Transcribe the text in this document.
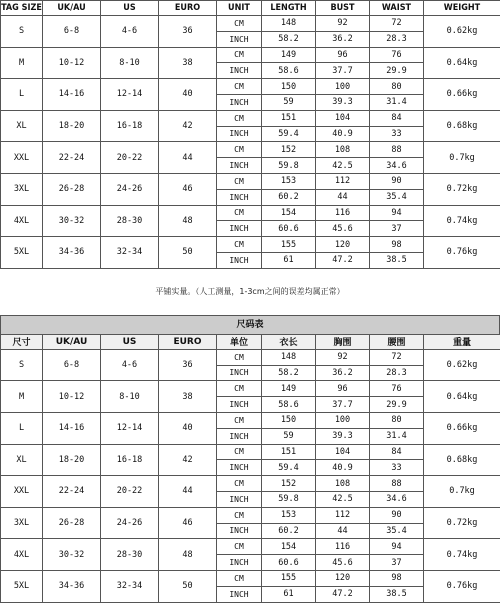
TAG SIZE	UK/AU	US	EURO	UNIT	LENGTH	BUST	WAIST	WEIGHT
S	6-8	4-6	36	CM	148	92	72	0.62kg
				INCH	58.2	36.2	28.3	
M	10-12	8-10	38	CM	149	96	76	0.64kg
				INCH	58.6	37.7	29.9	
L	14-16	12-14	40	CM	150	100	80	0.66kg
				INCH	59	39.3	31.4	
XL	18-20	16-18	42	CM	151	104	84	0.68kg
				INCH	59.4	40.9	33	
XXL	22-24	20-22	44	CM	152	108	88	0.7kg
				INCH	59.8	42.5	34.6	
3XL	26-28	24-26	46	CM	153	112	90	0.72kg
				INCH	60.2	44	35.4	
4XL	30-32	28-30	48	CM	154	116	94	0.74kg
				INCH	60.6	45.6	37	
5XL	34-36	32-34	50	CM	155	120	98	0.76kg
				INCH	61	47.2	38.5	
平铺实量。（人工测量，1-3cm之间的误差均属正常）
尺码表
尺寸	UK/AU	US	EURO	单位	衣长	胸围	腰围	重量
S	6-8	4-6	36	CM	148	92	72	0.62kg
				INCH	58.2	36.2	28.3	
M	10-12	8-10	38	CM	149	96	76	0.64kg
				INCH	58.6	37.7	29.9	
L	14-16	12-14	40	CM	150	100	80	0.66kg
				INCH	59	39.3	31.4	
XL	18-20	16-18	42	CM	151	104	84	0.68kg
				INCH	59.4	40.9	33	
XXL	22-24	20-22	44	CM	152	108	88	0.7kg
				INCH	59.8	42.5	34.6	
3XL	26-28	24-26	46	CM	153	112	90	0.72kg
				INCH	60.2	44	35.4	
4XL	30-32	28-30	48	CM	154	116	94	0.74kg
				INCH	60.6	45.6	37	
5XL	34-36	32-34	50	CM	155	120	98	0.76kg
				INCH	61	47.2	38.5	
